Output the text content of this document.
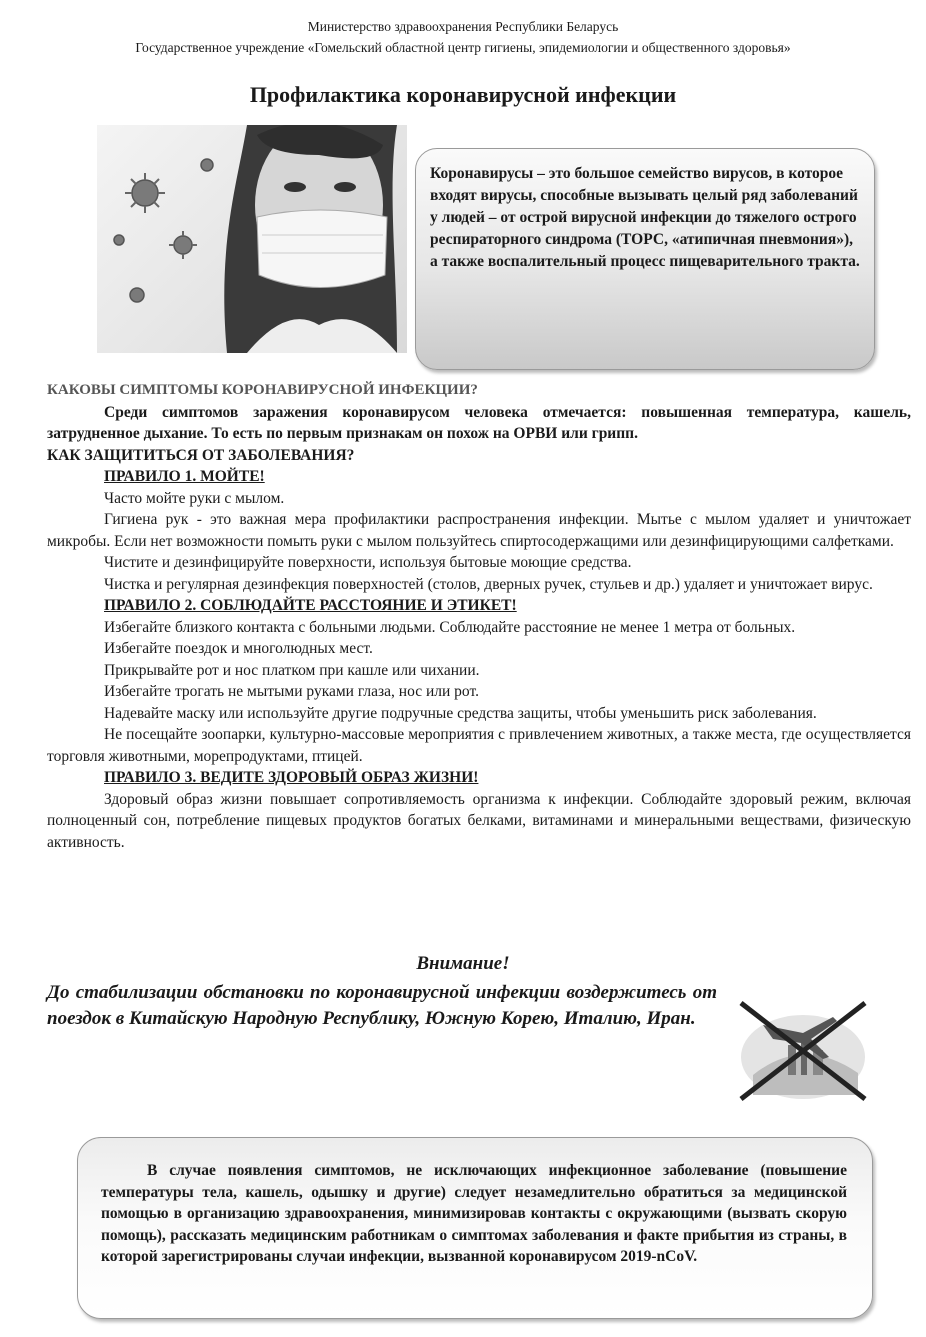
Министерство здравоохранения Республики Беларусь
Государственное учреждение «Гомельский областной центр гигиены, эпидемиологии и общественного здоровья»
Профилактика коронавирусной инфекции

Коронавирусы – это большое семейство вирусов, в которое входят вирусы, способные вызывать целый ряд заболеваний у людей – от острой вирусной инфекции до тяжелого острого респираторного синдрома (ТОРС, «атипичная пневмония»), а также воспалительный процесс пищеварительного тракта.

КАКОВЫ СИМПТОМЫ КОРОНАВИРУСНОЙ ИНФЕКЦИИ?

Среди симптомов заражения коронавирусом человека отмечается: повышенная температура, кашель, затрудненное дыхание. То есть по первым признакам он похож на ОРВИ или грипп.

КАК ЗАЩИТИТЬСЯ ОТ ЗАБОЛЕВАНИЯ?

ПРАВИЛО 1. МОЙТЕ!

Часто мойте руки с мылом.

Гигиена рук - это важная мера профилактики распространения инфекции. Мытье с мылом удаляет и уничтожает микробы. Если нет возможности помыть руки с мылом пользуйтесь спиртосодержащими или дезинфицирующими салфетками.

Чистите и дезинфицируйте поверхности, используя бытовые моющие средства.

Чистка и регулярная дезинфекция поверхностей (столов, дверных ручек, стульев и др.) удаляет и уничтожает вирус.

ПРАВИЛО 2. СОБЛЮДАЙТЕ РАССТОЯНИЕ И ЭТИКЕТ!

Избегайте близкого контакта с больными людьми. Соблюдайте расстояние не менее 1 метра от больных.

Избегайте поездок и многолюдных мест.

Прикрывайте рот и нос платком при кашле или чихании.

Избегайте трогать не мытыми руками глаза, нос или рот.

Надевайте маску или используйте другие подручные средства защиты, чтобы уменьшить риск заболевания.

Не посещайте зоопарки, культурно-массовые мероприятия с привлечением животных, а также места, где осуществляется торговля животными, морепродуктами, птицей.

ПРАВИЛО 3. ВЕДИТЕ ЗДОРОВЫЙ ОБРАЗ ЖИЗНИ!

Здоровый образ жизни повышает сопротивляемость организма к инфекции. Соблюдайте здоровый режим, включая полноценный сон, потребление пищевых продуктов богатых белками, витаминами и минеральными веществами, физическую активность.

Внимание!
До стабилизации обстановки по коронавирусной инфекции воздержитесь от поездок в Китайскую Народную Республику, Южную Корею, Италию, Иран.

В случае появления симптомов, не исключающих инфекционное заболевание (повышение температуры тела, кашель, одышку и другие) следует незамедлительно обратиться за медицинской помощью в организацию здравоохранения, минимизировав контакты с окружающими (вызвать скорую помощь), рассказать медицинским работникам о симптомах заболевания и факте прибытия из страны, в которой зарегистрированы случаи инфекции, вызванной коронавирусом 2019-nCoV.
